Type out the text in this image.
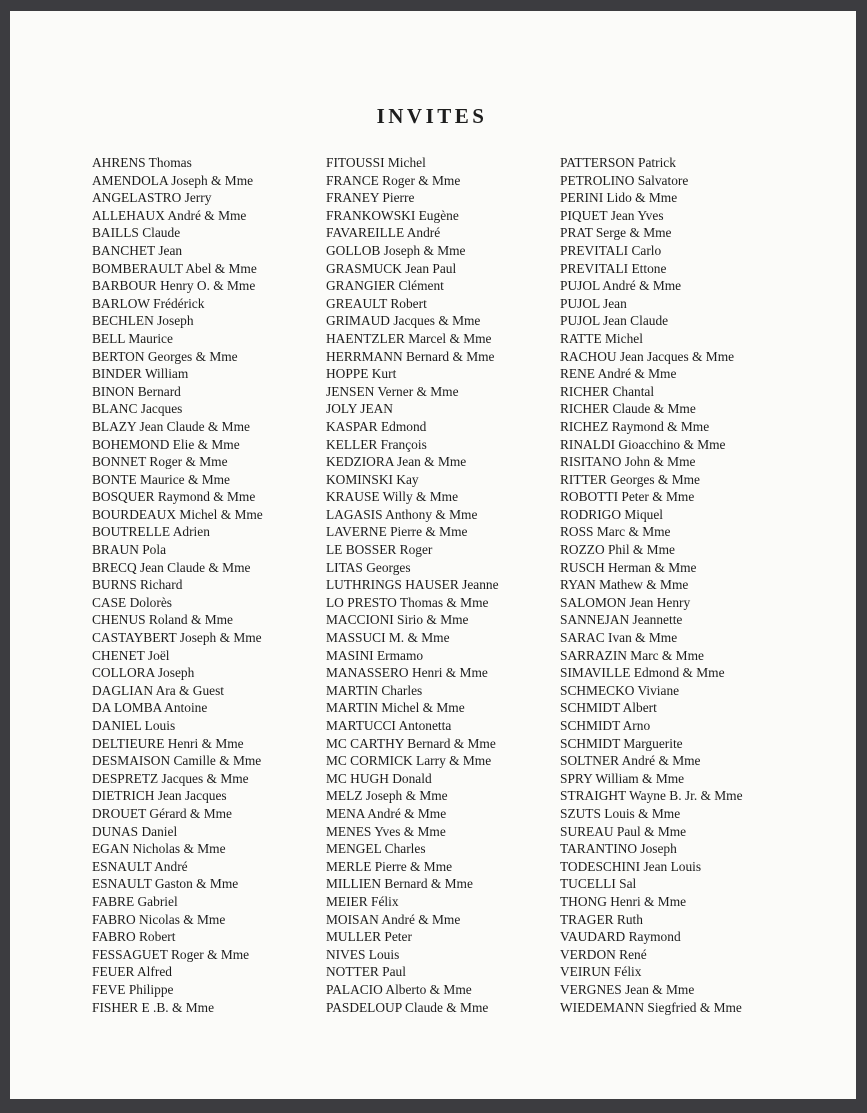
INVITES
AHRENS Thomas
AMENDOLA Joseph & Mme
ANGELASTRO Jerry
ALLEHAUX André & Mme
BAILLS Claude
BANCHET Jean
BOMBERAULT Abel & Mme
BARBOUR Henry O. & Mme
BARLOW Frédérick
BECHLEN Joseph
BELL Maurice
BERTON Georges & Mme
BINDER William
BINON Bernard
BLANC Jacques
BLAZY Jean Claude & Mme
BOHEMOND Elie & Mme
BONNET Roger & Mme
BONTE Maurice & Mme
BOSQUER Raymond & Mme
BOURDEAUX Michel & Mme
BOUTRELLE Adrien
BRAUN Pola
BRECQ Jean Claude & Mme
BURNS Richard
CASE Dolorès
CHENUS Roland & Mme
CASTAYBERT Joseph & Mme
CHENET Joël
COLLORA Joseph
DAGLIAN Ara & Guest
DA LOMBA Antoine
DANIEL Louis
DELTIEURE Henri & Mme
DESMAISON Camille & Mme
DESPRETZ Jacques & Mme
DIETRICH Jean Jacques
DROUET Gérard & Mme
DUNAS Daniel
EGAN Nicholas & Mme
ESNAULT André
ESNAULT Gaston & Mme
FABRE Gabriel
FABRO Nicolas & Mme
FABRO Robert
FESSAGUET Roger & Mme
FEUER Alfred
FEVE Philippe
FISHER E .B. & Mme
FITOUSSI Michel
FRANCE Roger & Mme
FRANEY Pierre
FRANKOWSKI Eugène
FAVAREILLE André
GOLLOB Joseph & Mme
GRASMUCK Jean Paul
GRANGIER Clément
GREAULT Robert
GRIMAUD Jacques & Mme
HAENTZLER Marcel & Mme
HERRMANN Bernard & Mme
HOPPE Kurt
JENSEN Verner & Mme
JOLY JEAN
KASPAR Edmond
KELLER François
KEDZIORA Jean & Mme
KOMINSKI Kay
KRAUSE Willy & Mme
LAGASIS Anthony & Mme
LAVERNE Pierre & Mme
LE BOSSER Roger
LITAS Georges
LUTHRINGS HAUSER Jeanne
LO PRESTO Thomas & Mme
MACCIONI Sirio & Mme
MASSUCI M. & Mme
MASINI Ermamo
MANASSERO Henri & Mme
MARTIN Charles
MARTIN Michel & Mme
MARTUCCI Antonetta
MC CARTHY Bernard & Mme
MC CORMICK Larry & Mme
MC HUGH Donald
MELZ Joseph & Mme
MENA André & Mme
MENES Yves & Mme
MENGEL Charles
MERLE Pierre & Mme
MILLIEN Bernard & Mme
MEIER Félix
MOISAN André & Mme
MULLER Peter
NIVES Louis
NOTTER Paul
PALACIO Alberto & Mme
PASDELOUP Claude & Mme
PATTERSON Patrick
PETROLINO Salvatore
PERINI Lido & Mme
PIQUET Jean Yves
PRAT Serge & Mme
PREVITALI Carlo
PREVITALI Ettone
PUJOL André & Mme
PUJOL Jean
PUJOL Jean Claude
RATTE Michel
RACHOU Jean Jacques & Mme
RENE André & Mme
RICHER Chantal
RICHER Claude & Mme
RICHEZ Raymond & Mme
RINALDI Gioacchino & Mme
RISITANO John & Mme
RITTER Georges & Mme
ROBOTTI Peter & Mme
RODRIGO Miquel
ROSS Marc & Mme
ROZZO Phil & Mme
RUSCH Herman & Mme
RYAN Mathew & Mme
SALOMON Jean Henry
SANNEJAN Jeannette
SARAC Ivan & Mme
SARRAZIN Marc & Mme
SIMAVILLE Edmond & Mme
SCHMECKO Viviane
SCHMIDT Albert
SCHMIDT Arno
SCHMIDT Marguerite
SOLTNER André & Mme
SPRY William & Mme
STRAIGHT Wayne B. Jr. & Mme
SZUTS Louis & Mme
SUREAU Paul & Mme
TARANTINO Joseph
TODESCHINI Jean Louis
TUCELLI Sal
THONG Henri & Mme
TRAGER Ruth
VAUDARD Raymond
VERDON René
VEIRUN Félix
VERGNES Jean & Mme
WIEDEMANN Siegfried & Mme
